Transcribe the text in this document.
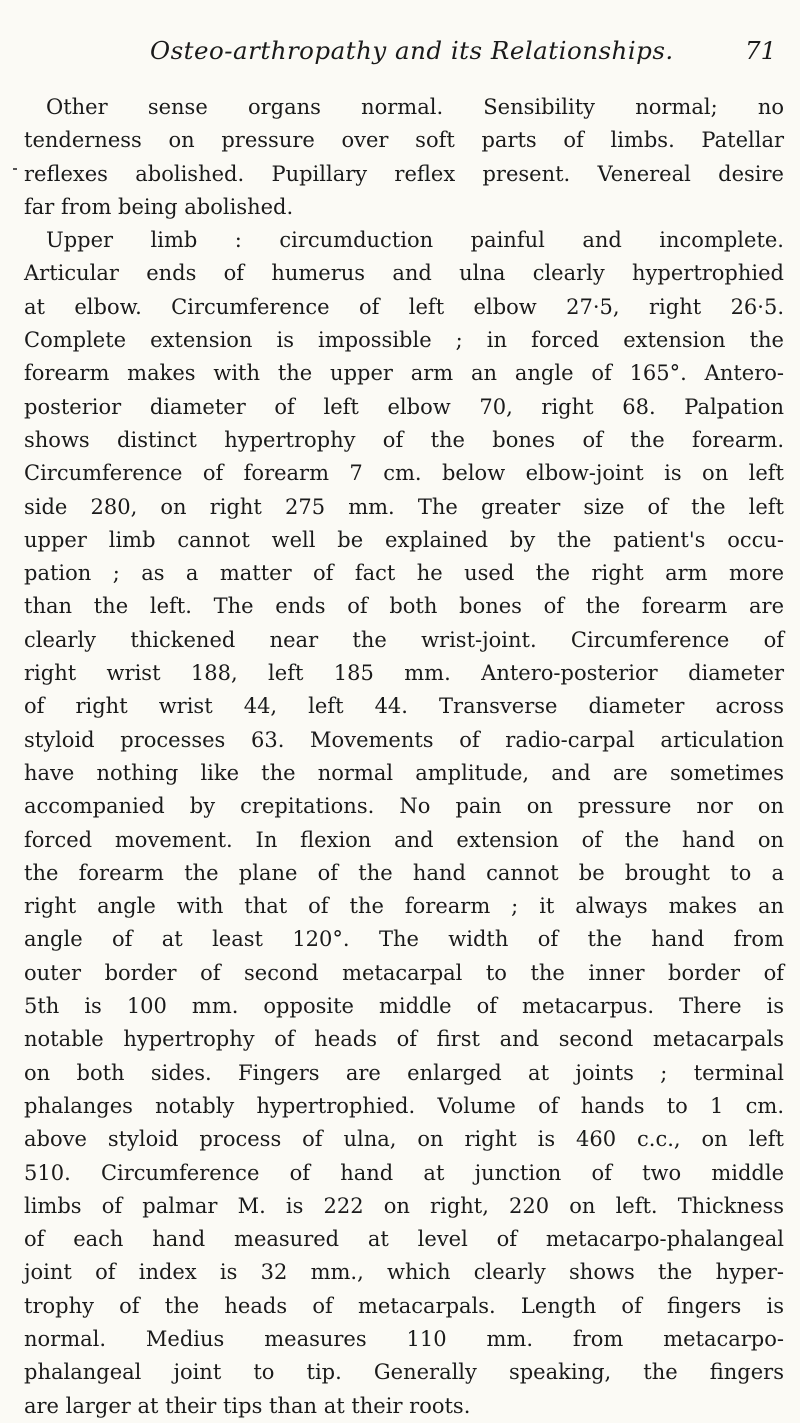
Osteo-arthropathy and its Relationships.	71
Other sense organs normal. Sensibility normal; no
tenderness on pressure over soft parts of limbs. Patellar
reflexes abolished. Pupillary reflex present. Venereal desire
far from being abolished.
Upper limb : circumduction painful and incomplete.
Articular ends of humerus and ulna clearly hypertrophied
at elbow. Circumference of left elbow 27·5, right 26·5.
Complete extension is impossible ; in forced extension the
forearm makes with the upper arm an angle of 165°. Antero-
posterior diameter of left elbow 70, right 68. Palpation
shows distinct hypertrophy of the bones of the forearm.
Circumference of forearm 7 cm. below elbow-joint is on left
side 280, on right 275 mm. The greater size of the left
upper limb cannot well be explained by the patient's occu-
pation ; as a matter of fact he used the right arm more
than the left. The ends of both bones of the forearm are
clearly thickened near the wrist-joint. Circumference of
right wrist 188, left 185 mm. Antero-posterior diameter
of right wrist 44, left 44. Transverse diameter across
styloid processes 63. Movements of radio-carpal articulation
have nothing like the normal amplitude, and are sometimes
accompanied by crepitations. No pain on pressure nor on
forced movement. In flexion and extension of the hand on
the forearm the plane of the hand cannot be brought to a
right angle with that of the forearm ; it always makes an
angle of at least 120°. The width of the hand from
outer border of second metacarpal to the inner border of
5th is 100 mm. opposite middle of metacarpus. There is
notable hypertrophy of heads of first and second metacarpals
on both sides. Fingers are enlarged at joints ; terminal
phalanges notably hypertrophied. Volume of hands to 1 cm.
above styloid process of ulna, on right is 460 c.c., on left
510. Circumference of hand at junction of two middle
limbs of palmar M. is 222 on right, 220 on left. Thickness
of each hand measured at level of metacarpo-phalangeal
joint of index is 32 mm., which clearly shows the hyper-
trophy of the heads of metacarpals. Length of fingers is
normal. Medius measures 110 mm. from metacarpo-
phalangeal joint to tip. Generally speaking, the fingers
are larger at their tips than at their roots.
